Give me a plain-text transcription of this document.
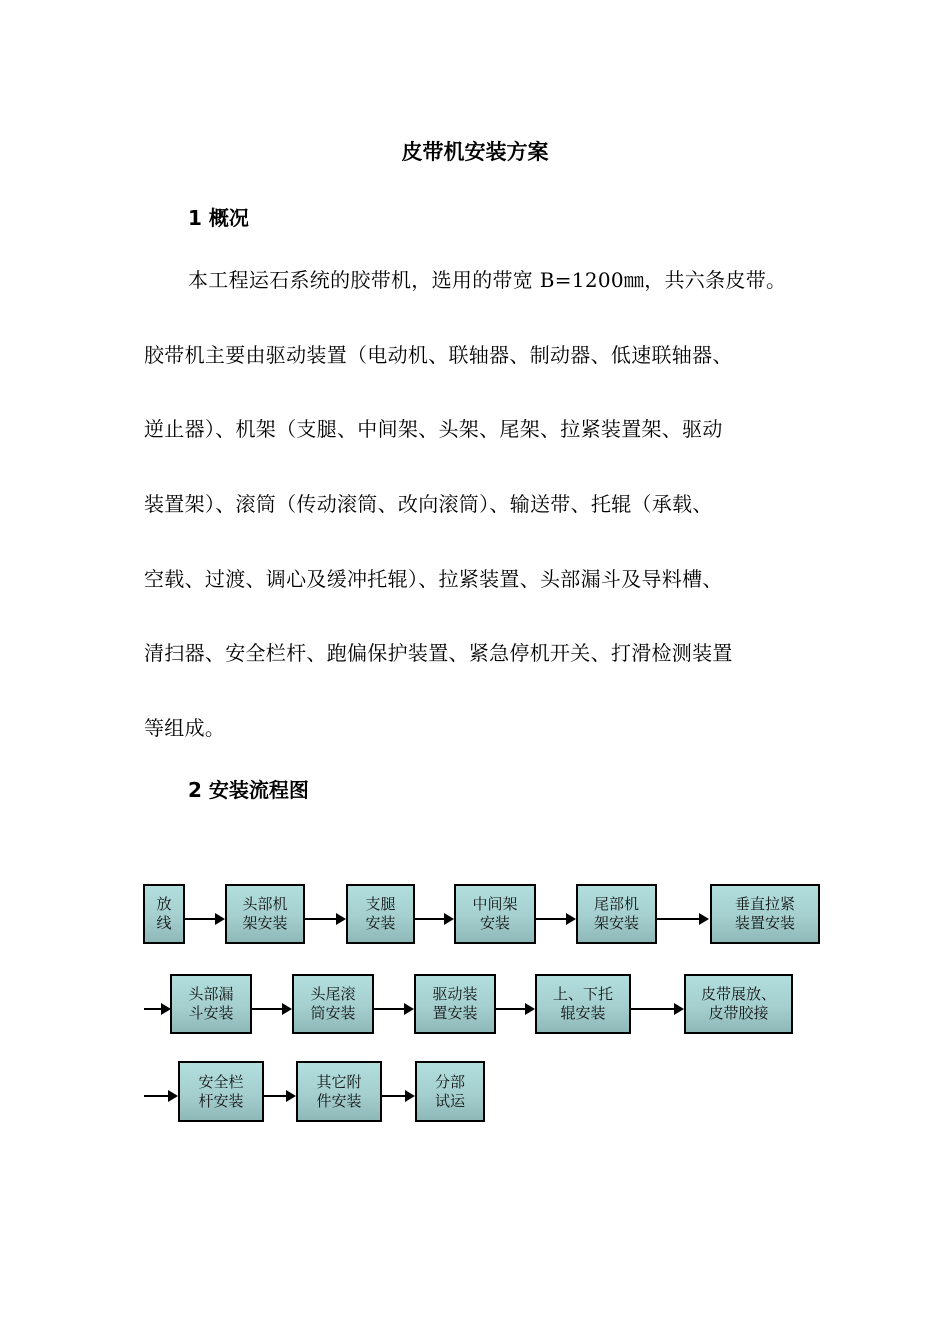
皮带机安装方案
1 概况
本工程运石系统的胶带机，选用的带宽 B=1200㎜，共六条皮带。
胶带机主要由驱动装置（电动机、联轴器、制动器、低速联轴器、
逆止器）、机架（支腿、中间架、头架、尾架、拉紧装置架、驱动
装置架）、滚筒（传动滚筒、改向滚筒）、输送带、托辊（承载、
空载、过渡、调心及缓冲托辊）、拉紧装置、头部漏斗及导料槽、
清扫器、安全栏杆、跑偏保护装置、紧急停机开关、打滑检测装置
等组成。
2 安装流程图
放
线
头部机
架安装
支腿
安装
中间架
安装
尾部机
架安装
垂直拉紧
装置安装
头部漏
斗安装
头尾滚
筒安装
驱动装
置安装
上、下托
辊安装
皮带展放、
皮带胶接
安全栏
杆安装
其它附
件安装
分部
试运
